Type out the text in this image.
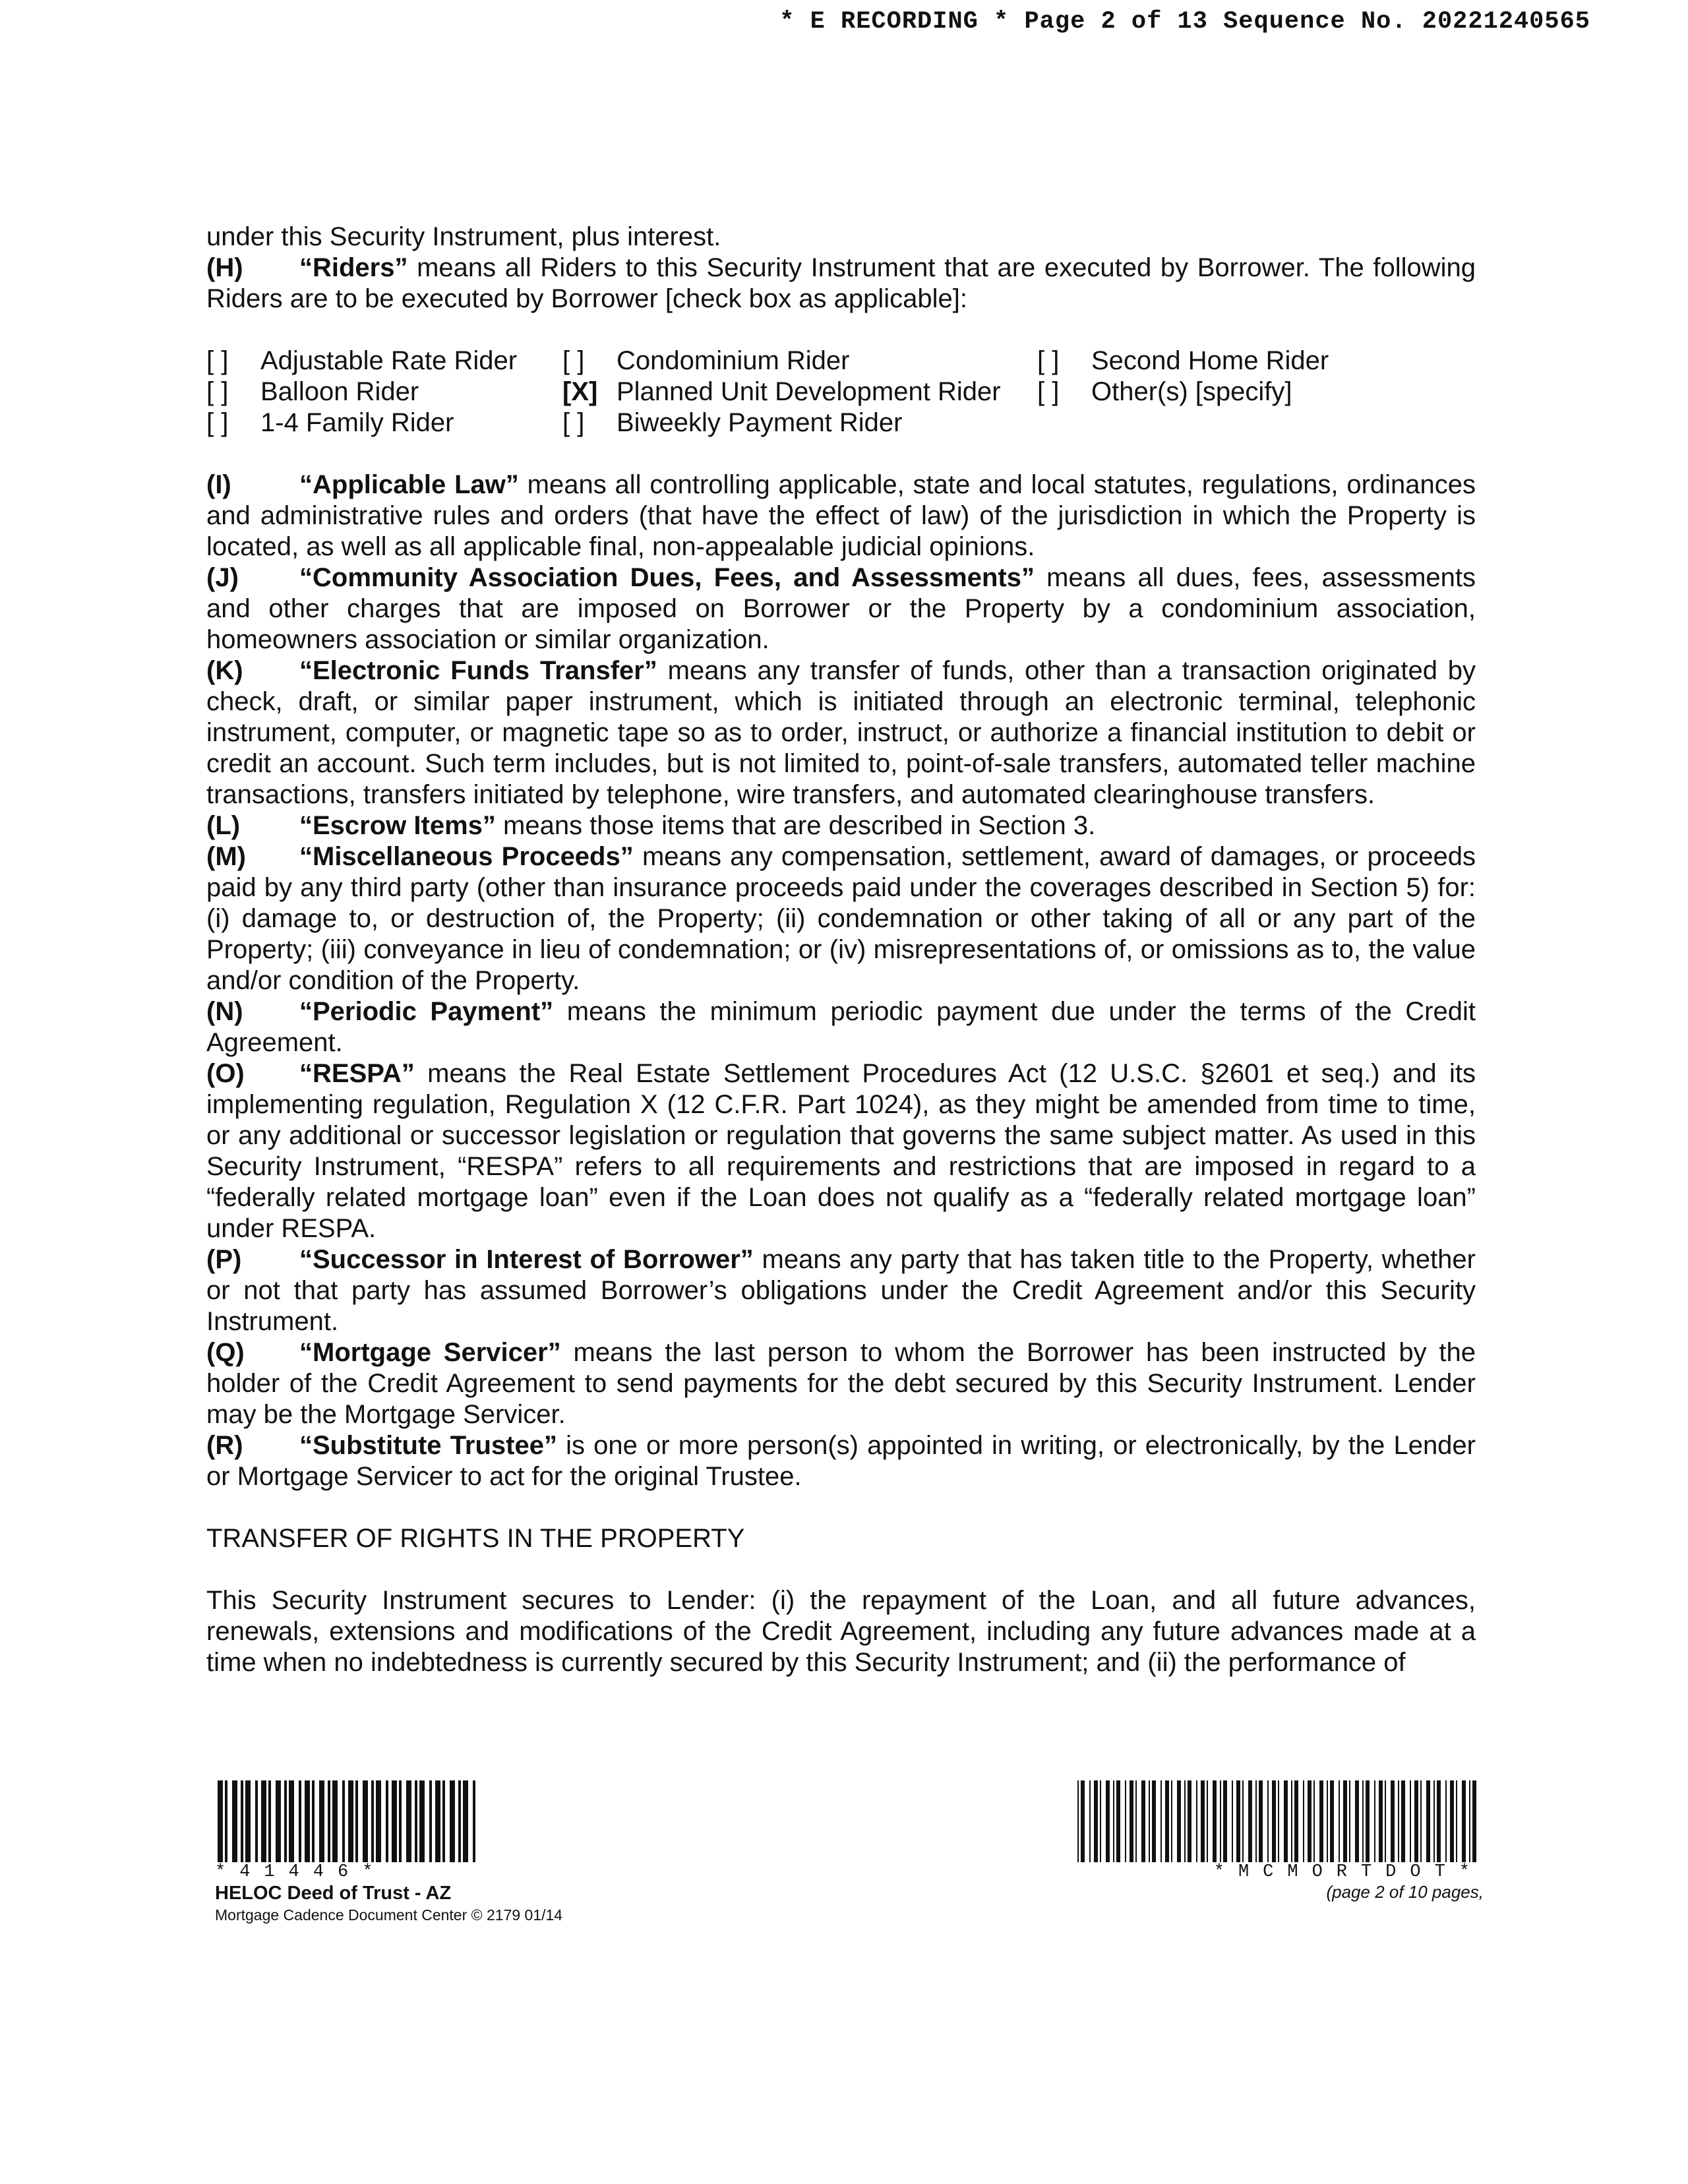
* E RECORDING * Page 2 of 13 Sequence No. 20221240565

under this Security Instrument, plus interest.

(H) “Riders” means all Riders to this Security Instrument that are executed by Borrower. The following Riders are to be executed by Borrower [check box as applicable]:

[ ]	Adjustable Rate Rider [ ]	Condominium Rider	[ ]	Second Home Rider
[ ]	Balloon Rider	[X] Planned Unit Development Rider [ ]	Other(s) [specify]
[ ]	1-4 Family Rider	[ ]	Biweekly Payment Rider

(I)	“Applicable Law” means all controlling applicable, state and local statutes, regulations, ordinances and administrative rules and orders (that have the effect of law) of the jurisdiction in which the Property is located, as well as all applicable final, non-appealable judicial opinions.

(J) “Community Association Dues, Fees, and Assessments” means all dues, fees, assessments and other charges that are imposed on Borrower or the Property by a condominium association, homeowners association or similar organization.

(K) “Electronic Funds Transfer” means any transfer of funds, other than a transaction originated by check, draft, or similar paper instrument, which is initiated through an electronic terminal, telephonic instrument, computer, or magnetic tape so as to order, instruct, or authorize a financial institution to debit or credit an account. Such term includes, but is not limited to, point-of-sale transfers, automated teller machine transactions, transfers initiated by telephone, wire transfers, and automated clearinghouse transfers.

(L) “Escrow Items” means those items that are described in Section 3.

(M) “Miscellaneous Proceeds” means any compensation, settlement, award of damages, or proceeds paid by any third party (other than insurance proceeds paid under the coverages described in Section 5) for: (i) damage to, or destruction of, the Property; (ii) condemnation or other taking of all or any part of the Property; (iii) conveyance in lieu of condemnation; or (iv) misrepresentations of, or omissions as to, the value and/or condition of the Property.

(N) “Periodic Payment” means the minimum periodic payment due under the terms of the Credit Agreement.

(O) “RESPA” means the Real Estate Settlement Procedures Act (12 U.S.C. §2601 et seq.) and its implementing regulation, Regulation X (12 C.F.R. Part 1024), as they might be amended from time to time, or any additional or successor legislation or regulation that governs the same subject matter. As used in this Security Instrument, “RESPA” refers to all requirements and restrictions that are imposed in regard to a “federally related mortgage loan” even if the Loan does not qualify as a “federally related mortgage loan” under RESPA.

(P) “Successor in Interest of Borrower” means any party that has taken title to the Property, whether or not that party has assumed Borrower’s obligations under the Credit Agreement and/or this Security Instrument.

(Q) “Mortgage Servicer” means the last person to whom the Borrower has been instructed by the holder of the Credit Agreement to send payments for the debt secured by this Security Instrument. Lender may be the Mortgage Servicer.

(R) “Substitute Trustee” is one or more person(s) appointed in writing, or electronically, by the Lender or Mortgage Servicer to act for the original Trustee.

TRANSFER OF RIGHTS IN THE PROPERTY

This Security Instrument secures to Lender: (i) the repayment of the Loan, and all future advances, renewals, extensions and modifications of the Credit Agreement, including any future advances made at a time when no indebtedness is currently secured by this Security Instrument; and (ii) the performance of

*41446*
HELOC Deed of Trust - AZ
Mortgage Cadence Document Center © 2179 01/14
*MCMORTDOT*
(page 2 of 10 pages,
